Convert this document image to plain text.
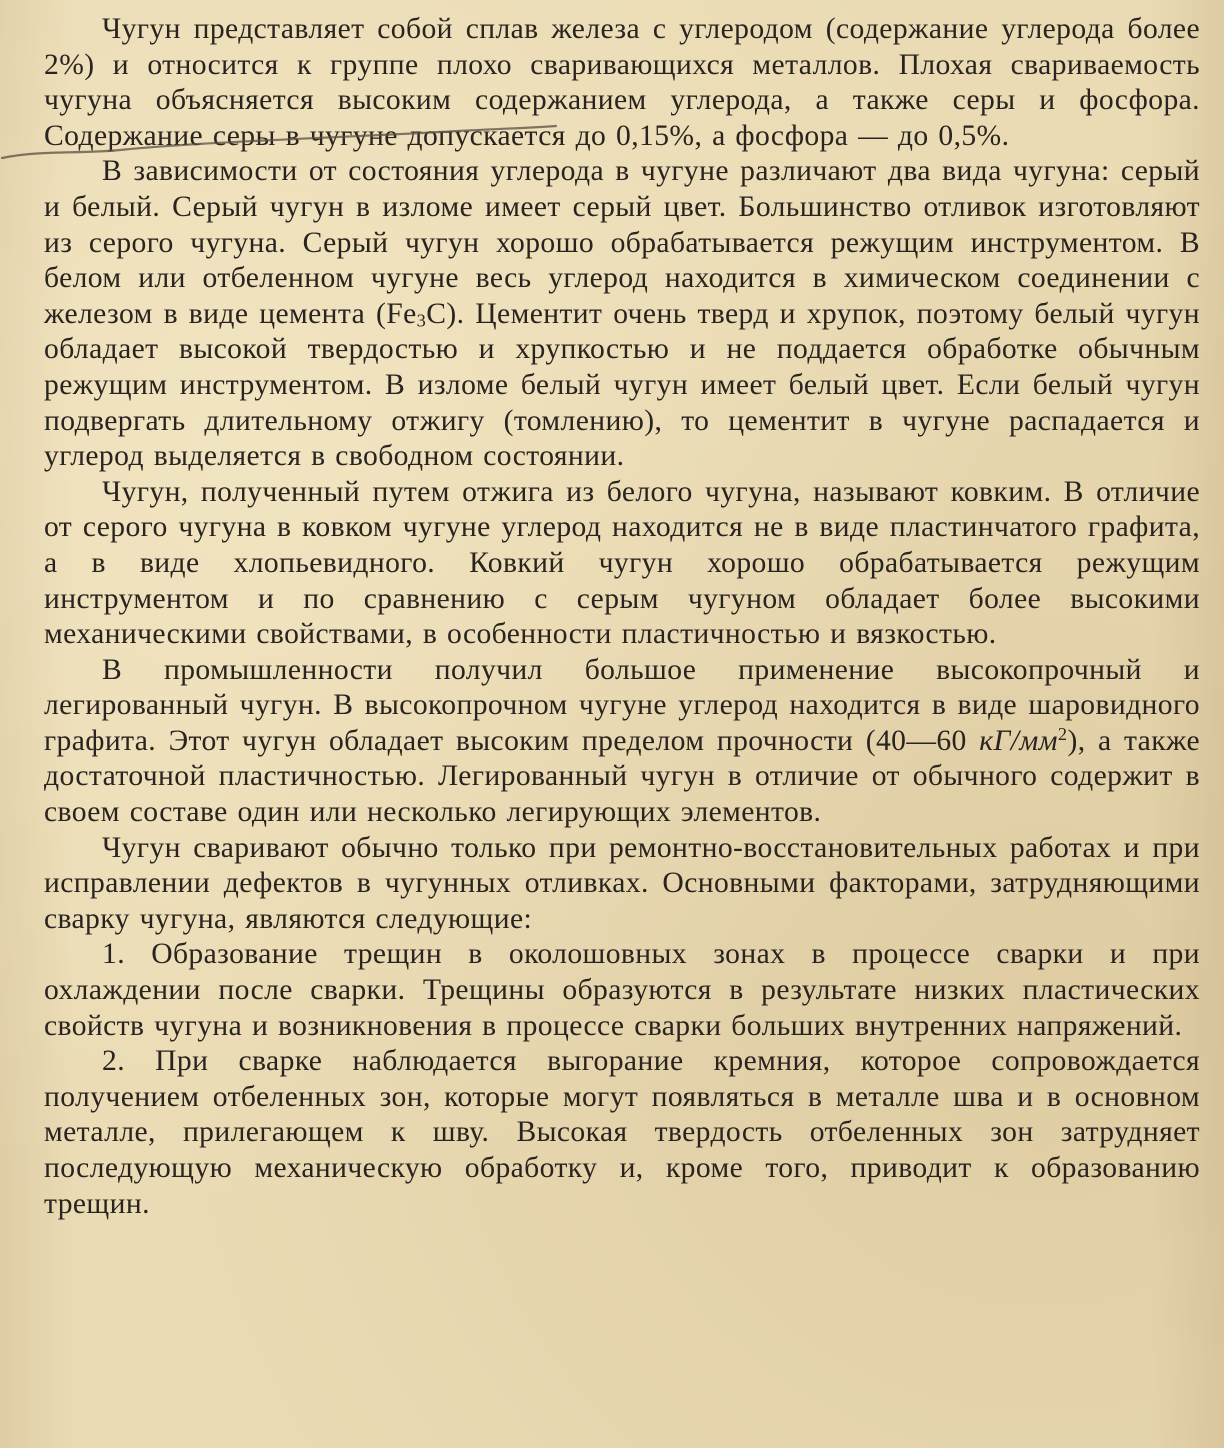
Чугун представляет собой сплав железа с углеродом (содержание углерода более 2%) и относится к группе плохо сваривающихся металлов. Плохая свариваемость чугуна объясняется высоким содержанием углерода, а также серы и фосфора. Содержание серы в чугуне допускается до 0,15%, а фосфора — до 0,5%.

В зависимости от состояния углерода в чугуне различают два вида чугуна: серый и белый. Серый чугун в изломе имеет серый цвет. Большинство отливок изготовляют из серого чугуна. Серый чугун хорошо обрабатывается режущим инструментом. В белом или отбеленном чугуне весь углерод находится в химическом соединении с железом в виде цемента (Fe3C). Цементит очень тверд и хрупок, поэтому белый чугун обладает высокой твердостью и хрупкостью и не поддается обработке обычным режущим инструментом. В изломе белый чугун имеет белый цвет. Если белый чугун подвергать длительному отжигу (томлению), то цементит в чугуне распадается и углерод выделяется в свободном состоянии.

Чугун, полученный путем отжига из белого чугуна, называют ковким. В отличие от серого чугуна в ковком чугуне углерод находится не в виде пластинчатого графита, а в виде хлопьевидного. Ковкий чугун хорошо обрабатывается режущим инструментом и по сравнению с серым чугуном обладает более высокими механическими свойствами, в особенности пластичностью и вязкостью.

В промышленности получил большое применение высокопрочный и легированный чугун. В высокопрочном чугуне углерод находится в виде шаровидного графита. Этот чугун обладает высоким пределом прочности (40—60 $кГ/мм^2$), а также достаточной пластичностью. Легированный чугун в отличие от обычного содержит в своем составе один или несколько легирующих элементов.

Чугун сваривают обычно только при ремонтно-восстановительных работах и при исправлении дефектов в чугунных отливках. Основными факторами, затрудняющими сварку чугуна, являются следующие:

1. Образование трещин в околошовных зонах в процессе сварки и при охлаждении после сварки. Трещины образуются в результате низких пластических свойств чугуна и возникновения в процессе сварки больших внутренних напряжений.

2. При сварке наблюдается выгорание кремния, которое сопровождается получением отбеленных зон, которые могут появляться в металле шва и в основном металле, прилегающем к шву. Высокая твердость отбеленных зон затрудняет последующую механическую обработку и, кроме того, приводит к образованию трещин.
